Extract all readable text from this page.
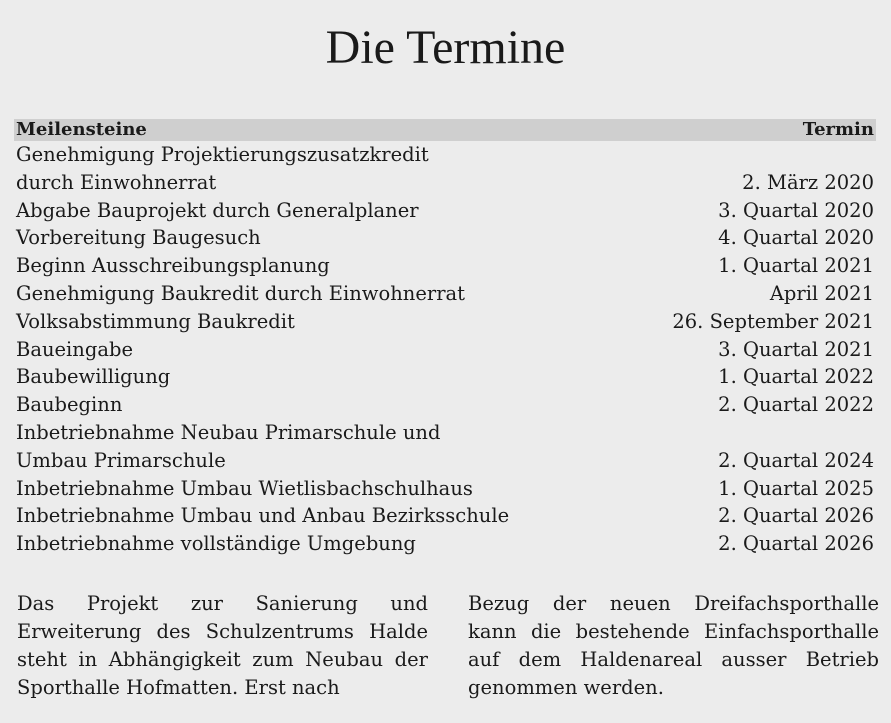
Die Termine
Meilensteine	Termin
Genehmigung Projektierungszusatzkredit
durch Einwohnerrat	2. März 2020
Abgabe Bauprojekt durch Generalplaner	3. Quartal 2020
Vorbereitung Baugesuch	4. Quartal 2020
Beginn Ausschreibungsplanung	1. Quartal 2021
Genehmigung Baukredit durch Einwohnerrat	April 2021
Volksabstimmung Baukredit	26. September 2021
Baueingabe	3. Quartal 2021
Baubewilligung	1. Quartal 2022
Baubeginn	2. Quartal 2022
Inbetriebnahme Neubau Primarschule und
Umbau Primarschule	2. Quartal 2024
Inbetriebnahme Umbau Wietlisbachschulhaus	1. Quartal 2025
Inbetriebnahme Umbau und Anbau Bezirksschule	2. Quartal 2026
Inbetriebnahme vollständige Umgebung	2. Quartal 2026

Das Projekt zur Sanierung und Erweiterung des Schulzentrums Halde steht in Abhängigkeit zum Neubau der Sporthalle Hofmatten. Erst nach

Bezug der neuen Dreifachsporthalle kann die bestehende Einfachsporthalle auf dem Haldenareal ausser Betrieb genommen werden.
